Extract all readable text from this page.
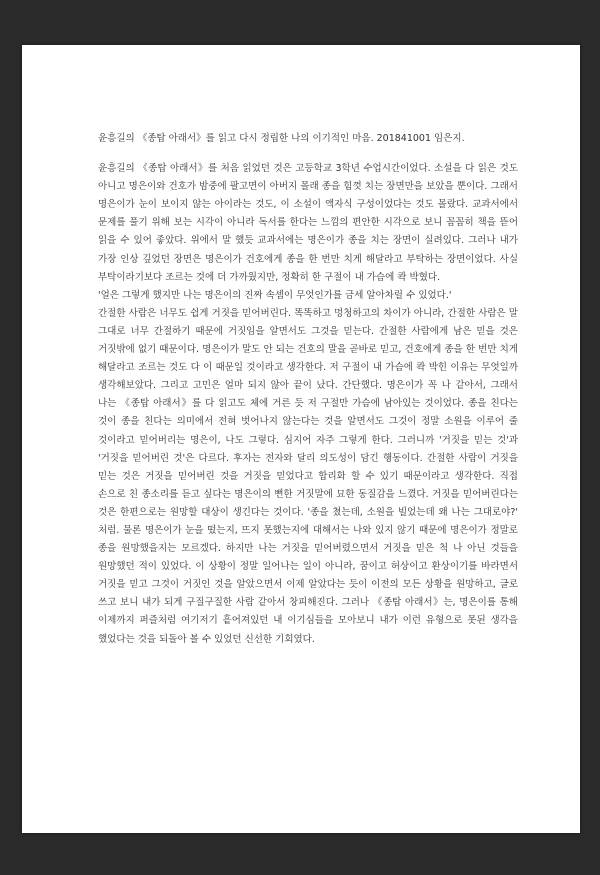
윤흥길의 《종탑 아래서》를 읽고 다시 정립한 나의 이기적인 마음. 201841001 임은지.

윤흥길의 《종탑 아래서》를 처음 읽었던 것은 고등학교 3학년 수업시간이었다. 소설을 다 읽은 것도 아니고 명은이와 건호가 밤중에 팔고면이 아버지 몰래 종을 힘껏 치는 장면만을 보았을 뿐이다. 그래서 명은이가 눈이 보이지 않는 아이라는 것도, 이 소설이 액자식 구성이었다는 것도 몰랐다. 교과서에서 문제를 풀기 위해 보는 시각이 아니라 독서를 한다는 느낌의 편안한 시각으로 보니 꼼꼼히 책을 뜯어 읽을 수 있어 좋았다. 위에서 말 했듯 교과서에는 명은이가 종을 치는 장면이 실려있다. 그러나 내가 가장 인상 깊었던 장면은 명은이가 건호에게 종을 한 번만 치게 해달라고 부탁하는 장면이었다. 사실 부탁이라기보다 조르는 것에 더 가까웠지만, 정확히 한 구절이 내 가슴에 콱 박혔다.

'얼은 그렇게 했지만 나는 명은이의 진짜 속셈이 무엇인가를 금세 알아차릴 수 있었다.'

간절한 사람은 너무도 쉽게 거짓을 믿어버린다. 똑똑하고 멍청하고의 차이가 아니라, 간절한 사람은 말 그대로 너무 간절하기 때문에 거짓임을 알면서도 그것을 믿는다. 간절한 사람에게 남은 믿을 것은 거짓밖에 없기 때문이다. 명은이가 말도 안 되는 건호의 말을 곧바로 믿고, 건호에게 종을 한 번만 치게 해달라고 조르는 것도 다 이 때문일 것이라고 생각한다. 저 구절이 내 가슴에 콱 박힌 이유는 무엇일까 생각해보았다. 그리고 고민은 얼마 되지 않아 끝이 났다. 간단했다. 명은이가 꼭 나 같아서, 그래서 나는 《종탑 아래서》를 다 읽고도 체에 거른 듯 저 구절만 가슴에 남아있는 것이었다. 종을 친다는 것이 종을 친다는 의미에서 전혀 벗어나지 않는다는 것을 알면서도 그것이 정말 소원을 이루어 줄 것이라고 믿어버리는 명은이, 나도 그렇다. 심지어 자주 그렇게 한다. 그러니까 '거짓을 믿는 것'과 '거짓을 믿어버린 것'은 다르다. 후자는 전자와 달리 의도성이 담긴 행동이다. 간절한 사람이 거짓을 믿는 것은 거짓을 믿어버린 것을 거짓을 믿었다고 합리화 할 수 있기 때문이라고 생각한다. 직접 손으로 친 종소리를 듣고 싶다는 명은이의 뻔한 거짓말에 묘한 동질감을 느꼈다. 거짓을 믿어버린다는 것은 한편으로는 원망할 대상이 생긴다는 것이다. '종을 쳤는데, 소원을 빌었는데 왜 나는 그대로야?' 처럼. 물론 명은이가 눈을 떴는지, 뜨지 못했는지에 대해서는 나와 있지 않기 때문에 명은이가 정말로 종을 원망했을지는 모르겠다. 하지만 나는 거짓을 믿어버렸으면서 거짓을 믿은 척 나 아닌 것들을 원망했던 적이 있었다. 이 상황이 정말 일어나는 일이 아니라, 꿈이고 허상이고 환상이기를 바라면서 거짓을 믿고 그것이 거짓인 것을 알았으면서 이제 알았다는 듯이 이전의 모든 상황을 원망하고, 글로 쓰고 보니 내가 되게 구질구질한 사람 같아서 창피해진다. 그러나 《종탑 아래서》는, 명은이를 통해 이제까지 퍼즐처럼 여기저기 흩어져있던 내 이기심들을 모아보니 내가 이런 유형으로 못된 생각을 했었다는 것을 되돌아 볼 수 있었던 신선한 기회였다.
